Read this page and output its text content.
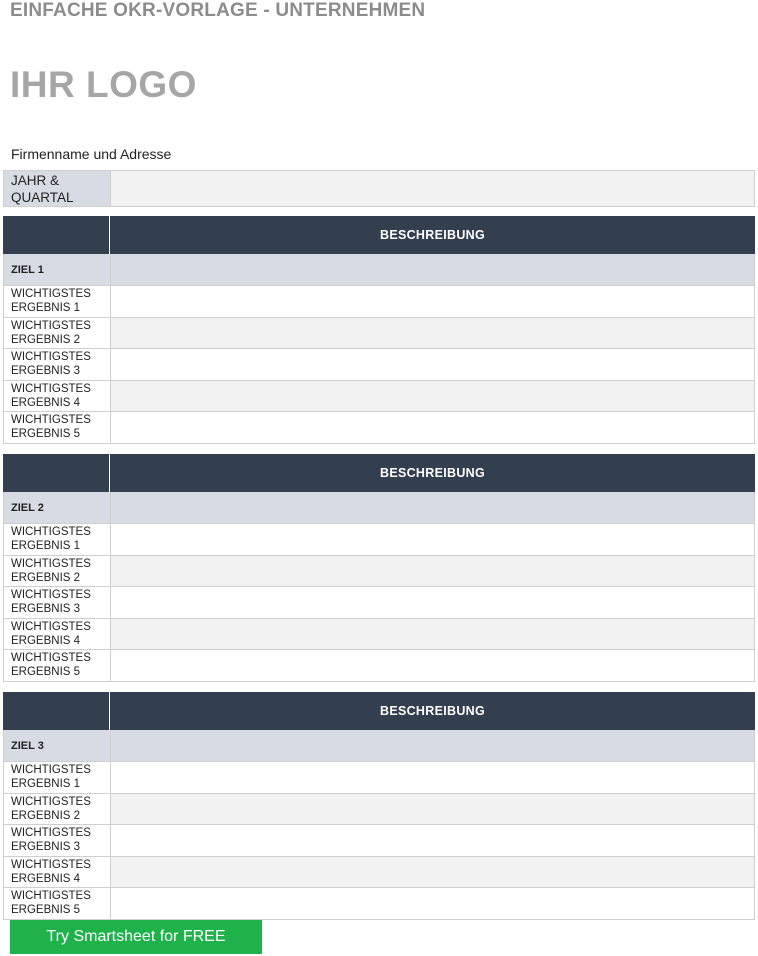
EINFACHE OKR-VORLAGE - UNTERNEHMEN
IHR LOGO
Firmenname und Adresse
JAHR & QUARTAL
BESCHREIBUNG
ZIEL 1
WICHTIGSTES ERGEBNIS 1
WICHTIGSTES ERGEBNIS 2
WICHTIGSTES ERGEBNIS 3
WICHTIGSTES ERGEBNIS 4
WICHTIGSTES ERGEBNIS 5
BESCHREIBUNG
ZIEL 2
WICHTIGSTES ERGEBNIS 1
WICHTIGSTES ERGEBNIS 2
WICHTIGSTES ERGEBNIS 3
WICHTIGSTES ERGEBNIS 4
WICHTIGSTES ERGEBNIS 5
BESCHREIBUNG
ZIEL 3
WICHTIGSTES ERGEBNIS 1
WICHTIGSTES ERGEBNIS 2
WICHTIGSTES ERGEBNIS 3
WICHTIGSTES ERGEBNIS 4
WICHTIGSTES ERGEBNIS 5
Try Smartsheet for FREE
